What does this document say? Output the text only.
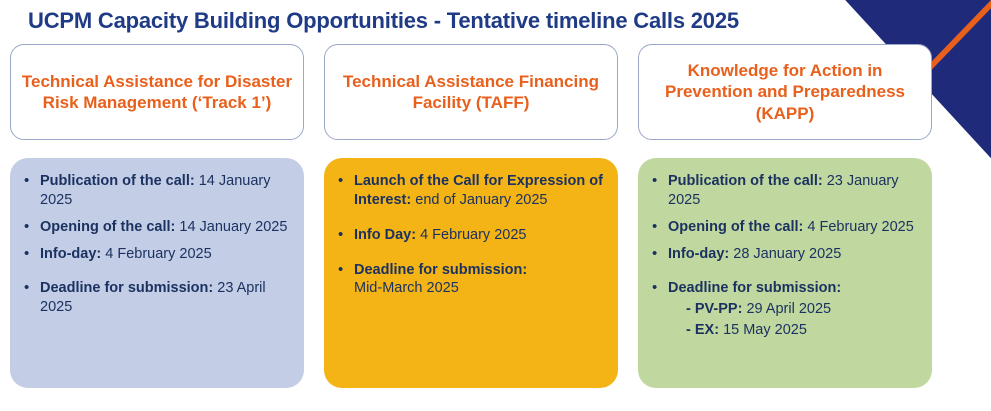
UCPM Capacity Building Opportunities - Tentative timeline Calls 2025
Technical Assistance for Disaster Risk Management (‘Track 1’)
• Publication of the call: 14 January 2025
• Opening of the call: 14 January 2025
• Info-day: 4 February 2025
• Deadline for submission: 23 April 2025
Technical Assistance Financing Facility (TAFF)
• Launch of the Call for Expression of Interest: end of January 2025
• Info Day: 4 February 2025
• Deadline for submission:
Mid-March 2025
Knowledge for Action in Prevention and Preparedness (KAPP)
• Publication of the call: 23 January 2025
• Opening of the call: 4 February 2025
• Info-day: 28 January 2025
• Deadline for submission:
- PV-PP: 29 April 2025
- EX: 15 May 2025
